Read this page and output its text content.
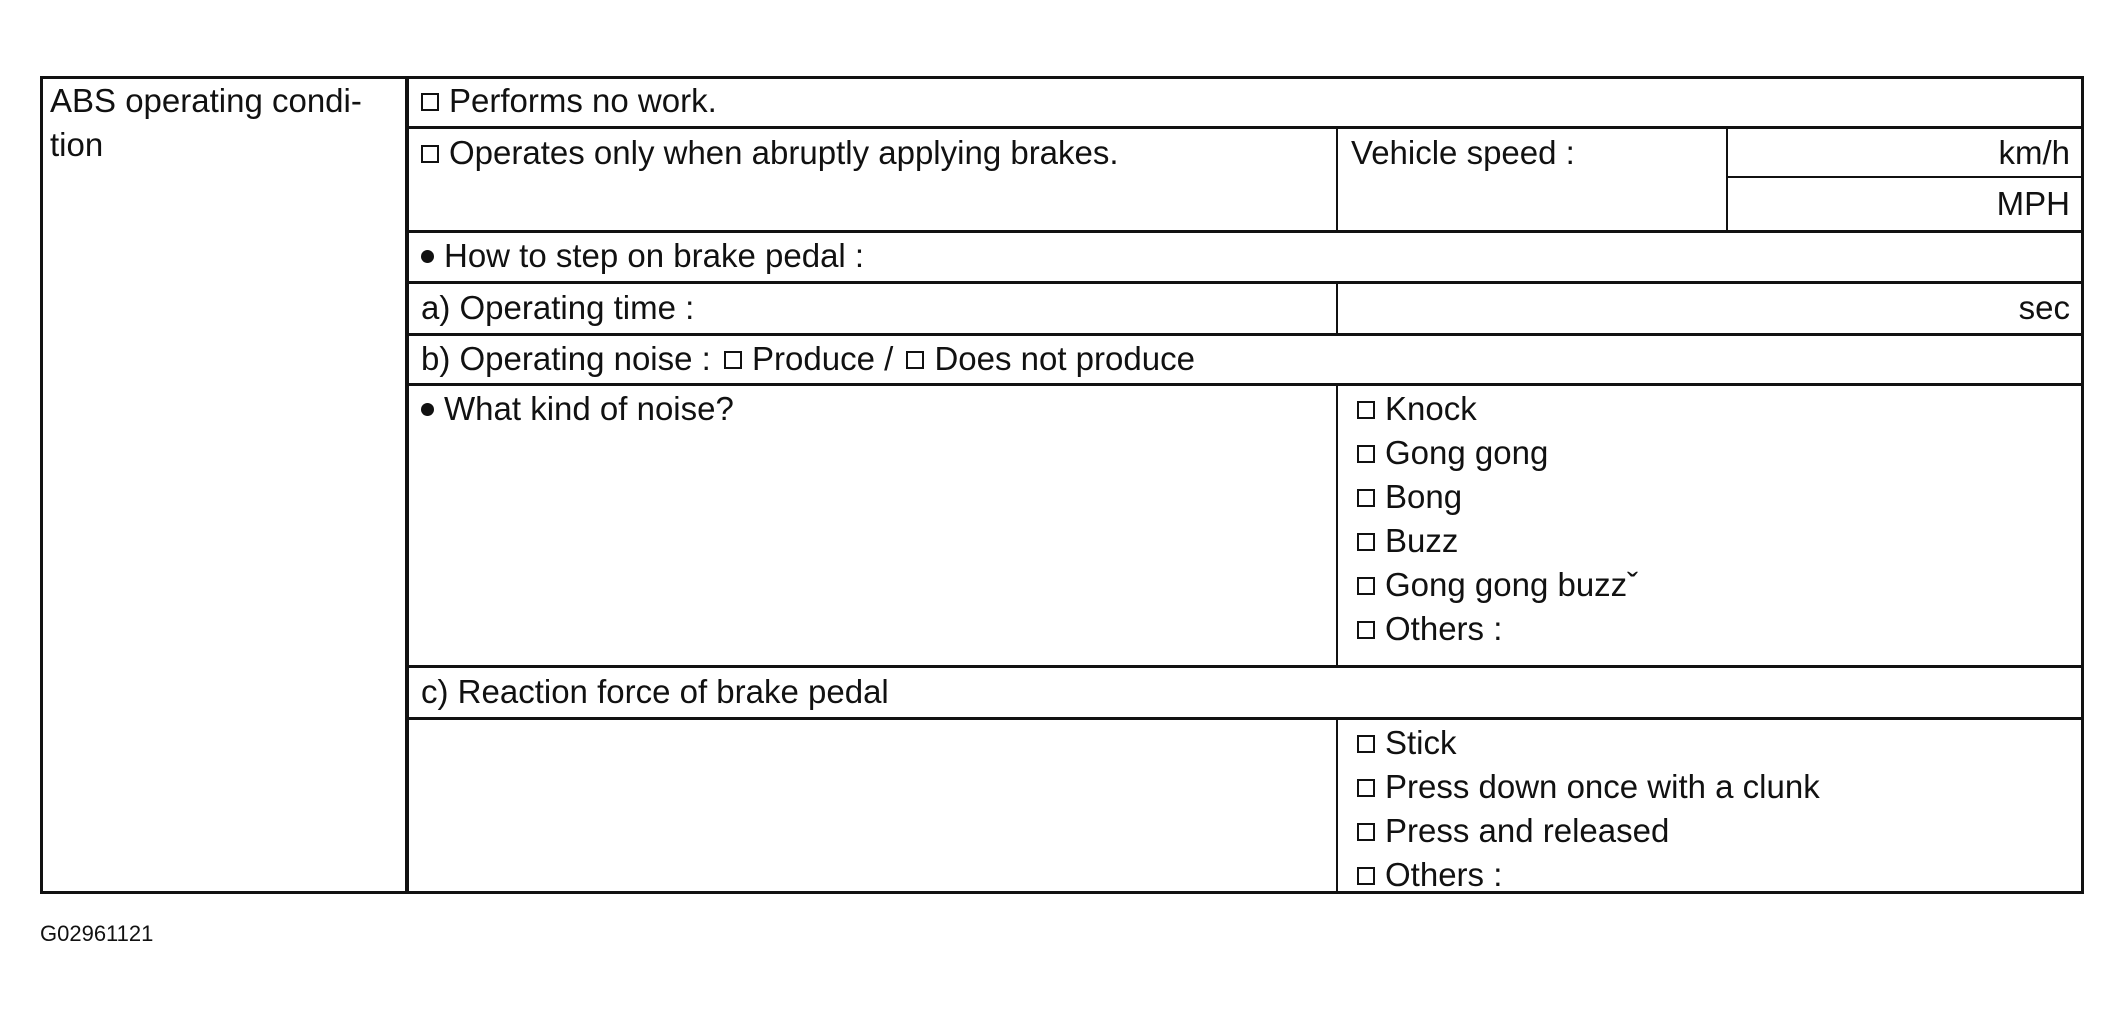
ABS operating condi-
tion
Performs no work.
Operates only when abruptly applying brakes.	Vehicle speed :	km/h
MPH
How to step on brake pedal :
a) Operating time :	sec
b) Operating noise : Produce / Does not produce
What kind of noise?	Knock
Gong gong
Bong
Buzz
Gong gong buzzˇ
Others :
c) Reaction force of brake pedal
Stick
Press down once with a clunk
Press and released
Others :
G02961121
